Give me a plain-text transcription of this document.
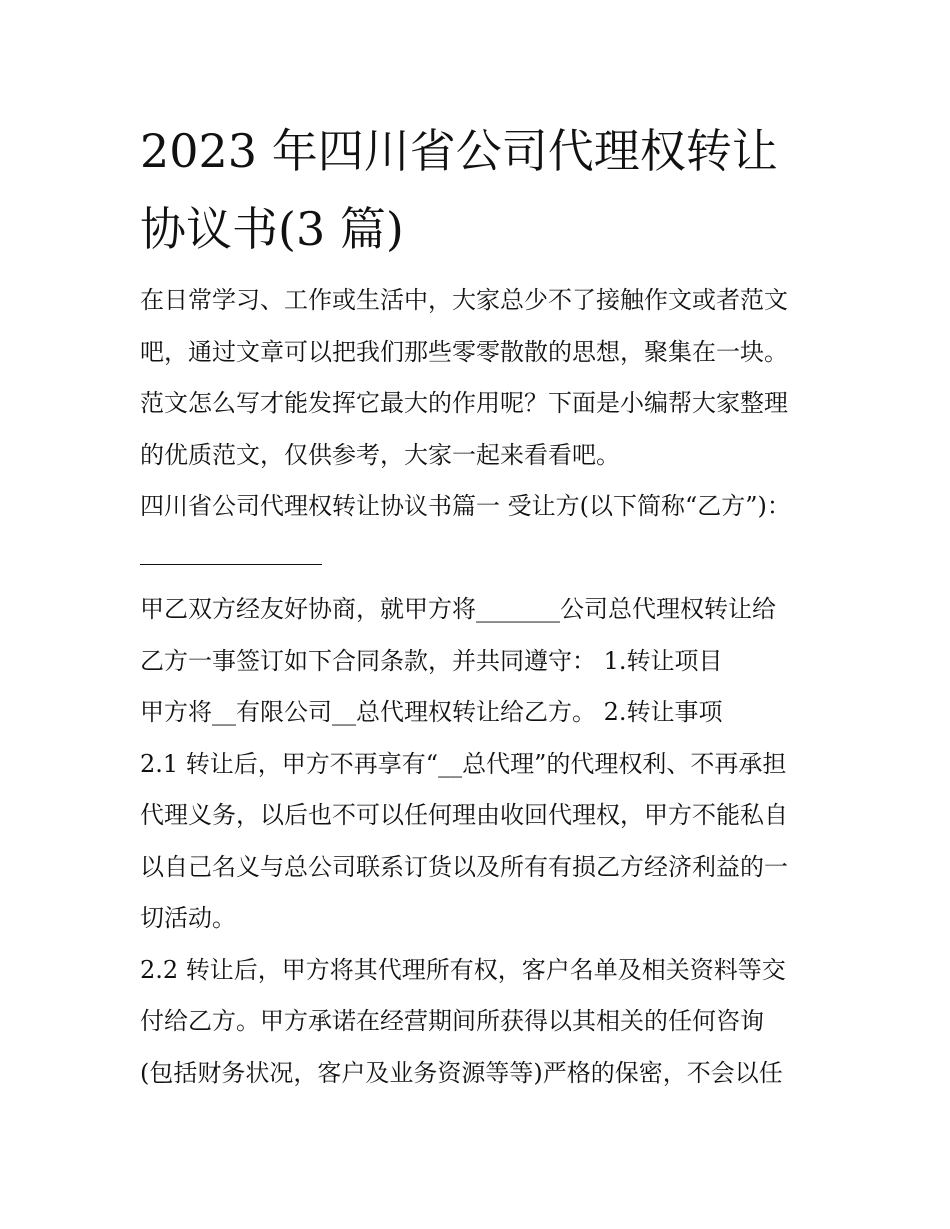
2023 年四川省公司代理权转让
协议书(3 篇)
在日常学习、工作或生活中，大家总少不了接触作文或者范文
吧，通过文章可以把我们那些零零散散的思想，聚集在一块。
范文怎么写才能发挥它最大的作用呢？下面是小编帮大家整理
的优质范文，仅供参考，大家一起来看看吧。
四川省公司代理权转让协议书篇一 受让方(以下简称“乙方”)：
甲乙双方经友好协商，就甲方将_______公司总代理权转让给
乙方一事签订如下合同条款，并共同遵守： 1.转让项目
甲方将__有限公司__总代理权转让给乙方。 2.转让事项
2.1 转让后，甲方不再享有“__总代理”的代理权利、不再承担
代理义务，以后也不可以任何理由收回代理权，甲方不能私自
以自己名义与总公司联系订货以及所有有损乙方经济利益的一
切活动。
2.2 转让后，甲方将其代理所有权，客户名单及相关资料等交
付给乙方。甲方承诺在经营期间所获得以其相关的任何咨询
(包括财务状况，客户及业务资源等等)严格的保密，不会以任
